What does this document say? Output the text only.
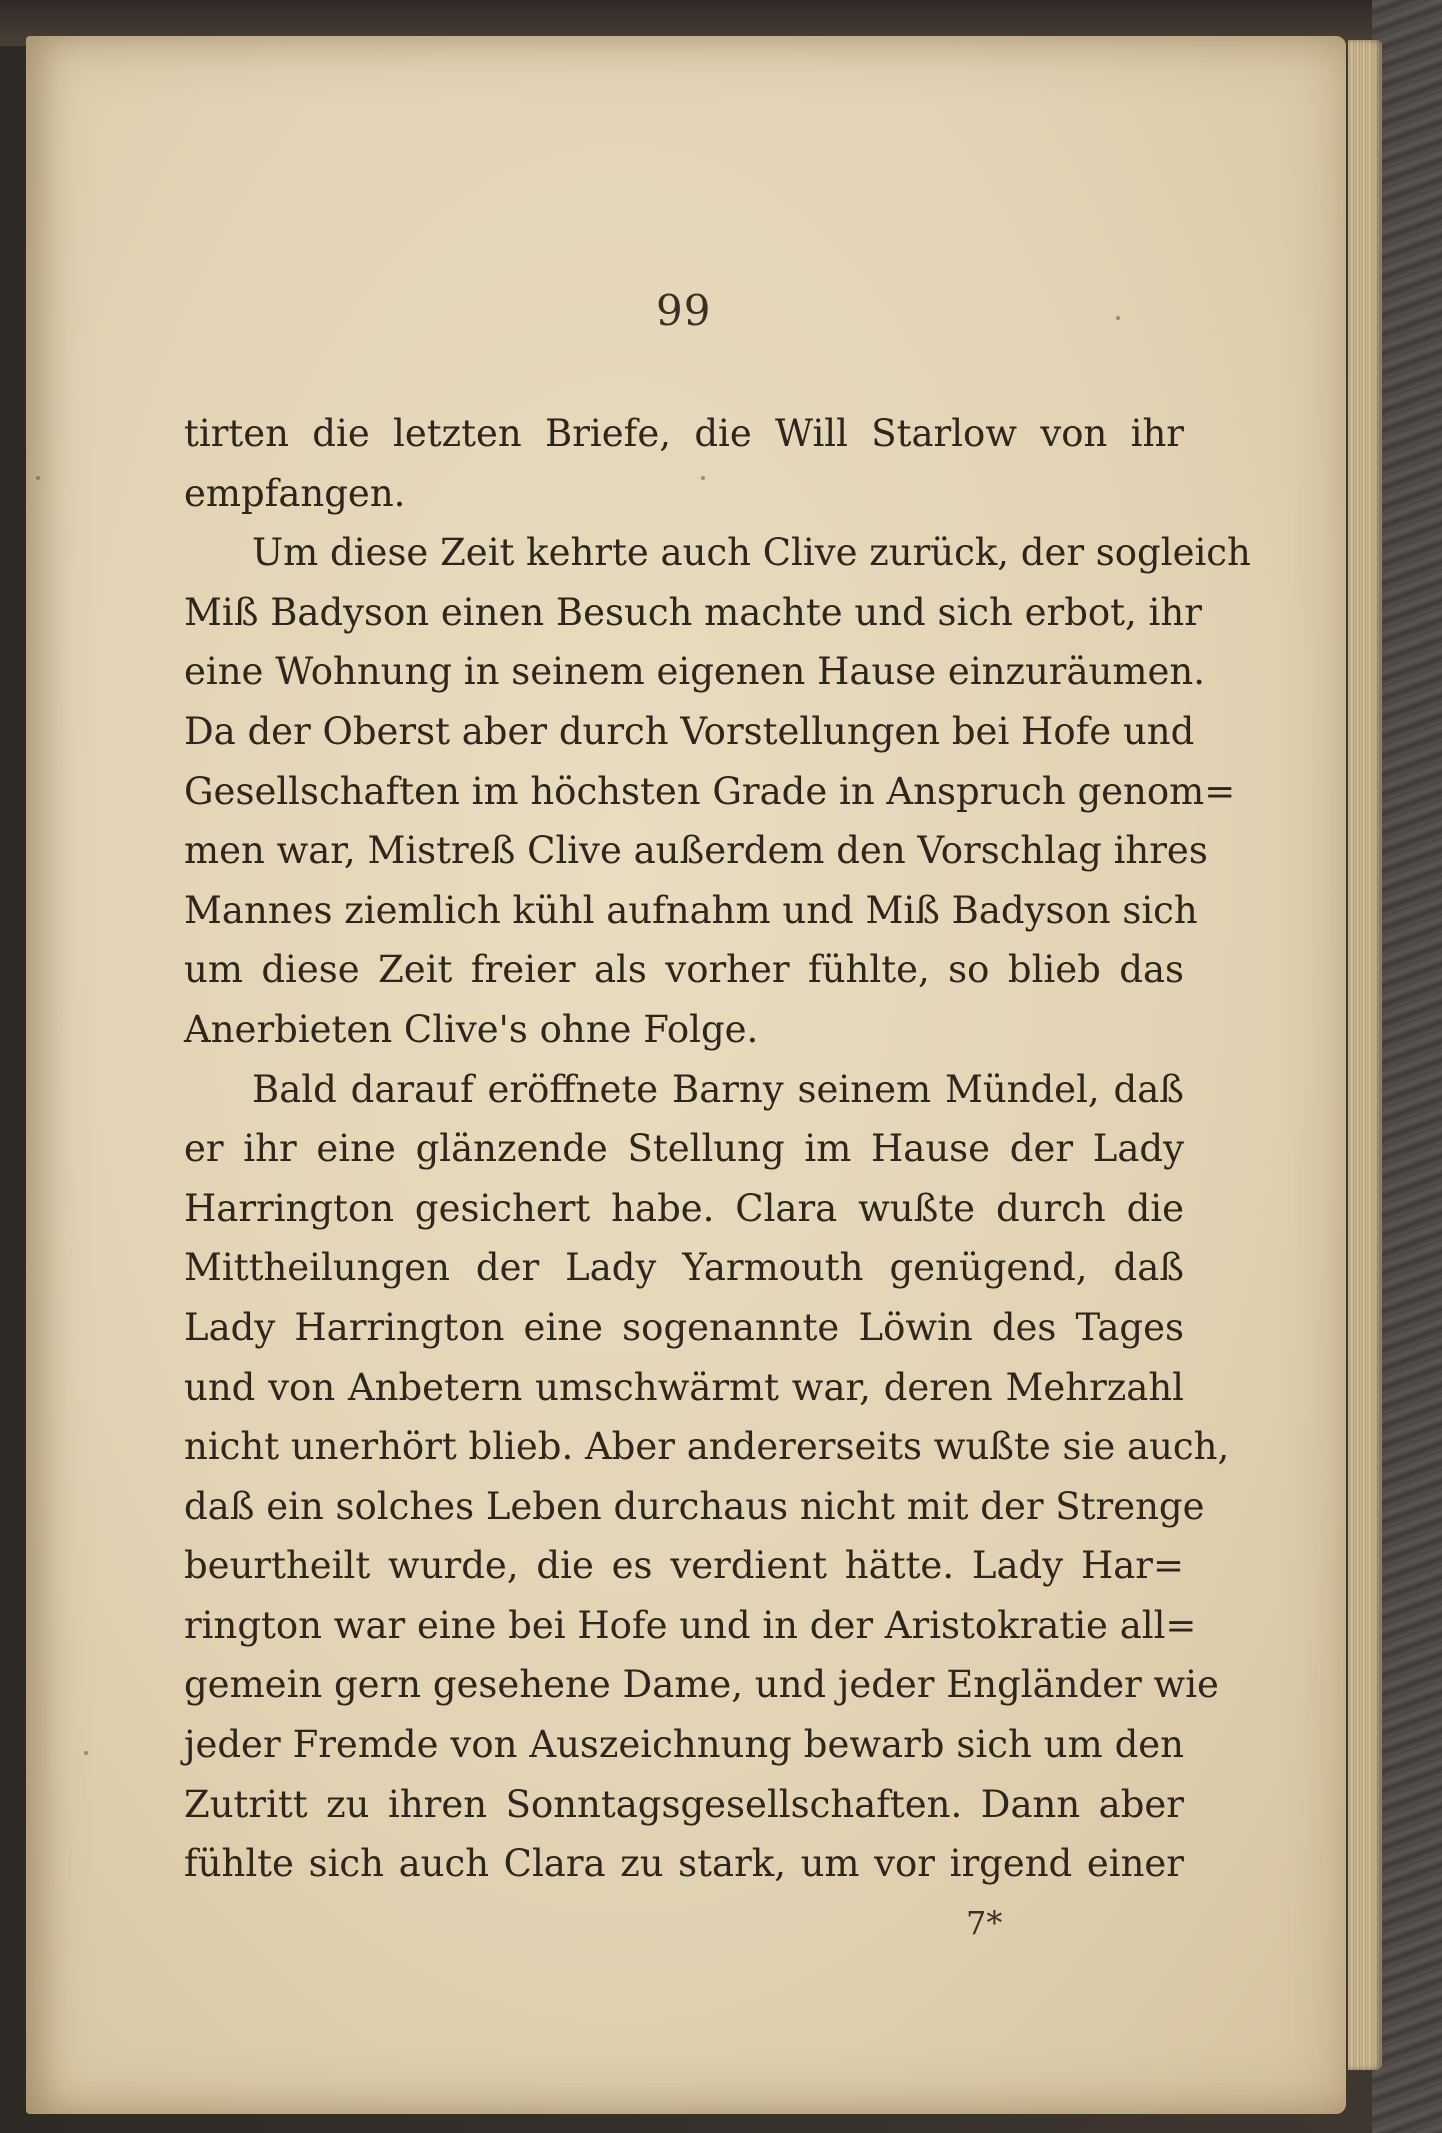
99
tirten die letzten Briefe, die Will Starlow von ihr
empfangen.
Um diese Zeit kehrte auch Clive zurück, der sogleich
Miß Badyson einen Besuch machte und sich erbot, ihr
eine Wohnung in seinem eigenen Hause einzuräumen.
Da der Oberst aber durch Vorstellungen bei Hofe und
Gesellschaften im höchsten Grade in Anspruch genom=
men war, Mistreß Clive außerdem den Vorschlag ihres
Mannes ziemlich kühl aufnahm und Miß Badyson sich
um diese Zeit freier als vorher fühlte, so blieb das
Anerbieten Clive's ohne Folge.
Bald darauf eröffnete Barny seinem Mündel, daß
er ihr eine glänzende Stellung im Hause der Lady
Harrington gesichert habe. Clara wußte durch die
Mittheilungen der Lady Yarmouth genügend, daß
Lady Harrington eine sogenannte Löwin des Tages
und von Anbetern umschwärmt war, deren Mehrzahl
nicht unerhört blieb. Aber andererseits wußte sie auch,
daß ein solches Leben durchaus nicht mit der Strenge
beurtheilt wurde, die es verdient hätte. Lady Har=
rington war eine bei Hofe und in der Aristokratie all=
gemein gern gesehene Dame, und jeder Engländer wie
jeder Fremde von Auszeichnung bewarb sich um den
Zutritt zu ihren Sonntagsgesellschaften. Dann aber
fühlte sich auch Clara zu stark, um vor irgend einer
7*
